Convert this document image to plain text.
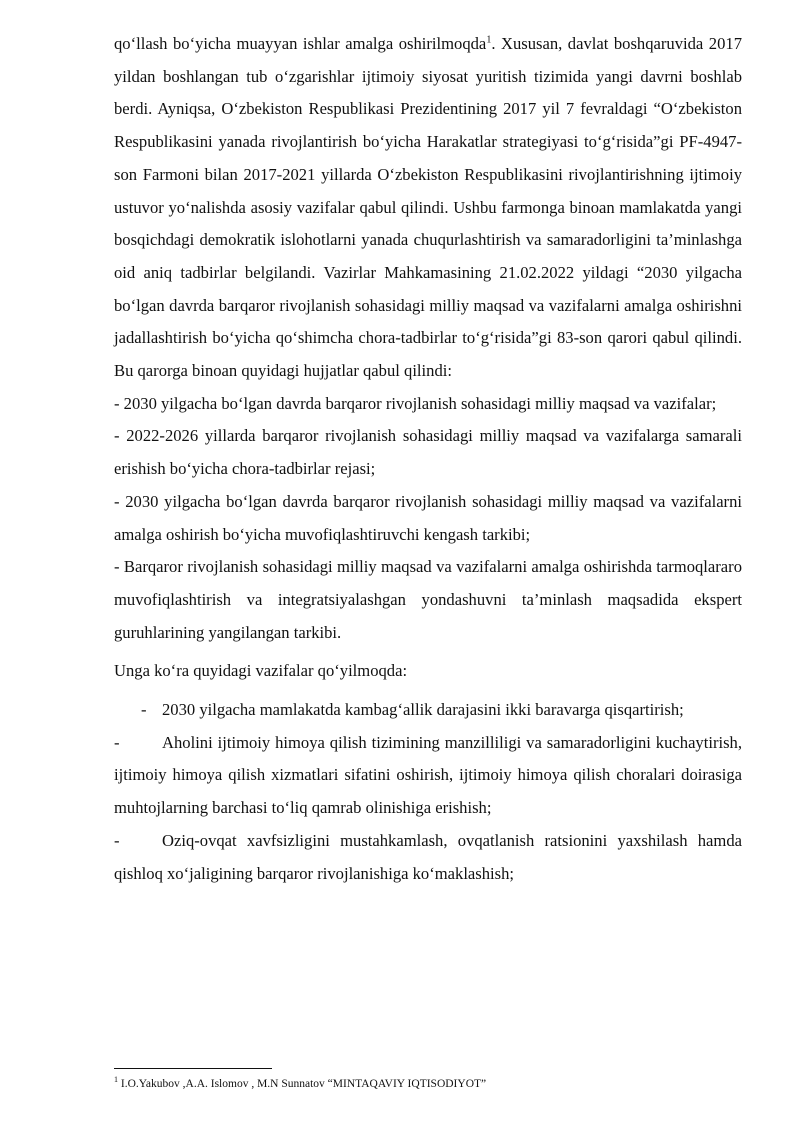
qo‘llash bo‘yicha muayyan ishlar amalga oshirilmoqda$^1$. Xususan, davlat boshqaruvida 2017 yildan boshlangan tub o‘zgarishlar ijtimoiy siyosat yuritish tizimida yangi davrni boshlab berdi. Ayniqsa, O‘zbekiston Respublikasi Prezidentining 2017 yil 7 fevraldagi “O‘zbekiston Respublikasini yanada rivojlantirish bo‘yicha Harakatlar strategiyasi to‘g‘risida”gi PF-4947-son Farmoni bilan 2017-2021 yillarda O‘zbekiston Respublikasini rivojlantirishning ijtimoiy ustuvor yo‘nalishda asosiy vazifalar qabul qilindi. Ushbu farmonga binoan mamlakatda yangi bosqichdagi demokratik islohotlarni yanada chuqurlashtirish va samaradorligini ta’minlashga oid aniq tadbirlar belgilandi. Vazirlar Mahkamasining 21.02.2022 yildagi “2030 yilgacha bo‘lgan davrda barqaror rivojlanish sohasidagi milliy maqsad va vazifalarni amalga oshirishni jadallashtirish bo‘yicha qo‘shimcha chora-tadbirlar to‘g‘risida”gi 83-son qarori qabul qilindi. Bu qarorga binoan quyidagi hujjatlar qabul qilindi:

- 2030 yilgacha bo‘lgan davrda barqaror rivojlanish sohasidagi milliy maqsad va vazifalar;

- 2022-2026 yillarda barqaror rivojlanish sohasidagi milliy maqsad va vazifalarga samarali erishish bo‘yicha chora-tadbirlar rejasi;

- 2030 yilgacha bo‘lgan davrda barqaror rivojlanish sohasidagi milliy maqsad va vazifalarni amalga oshirish bo‘yicha muvofiqlashtiruvchi kengash tarkibi;

- Barqaror rivojlanish sohasidagi milliy maqsad va vazifalarni amalga oshirishda tarmoqlararo muvofiqlashtirish va integratsiyalashgan yondashuvni ta’minlash maqsadida ekspert guruhlarining yangilangan tarkibi.

Unga ko‘ra quyidagi vazifalar qo‘yilmoqda:

- 2030 yilgacha mamlakatda kambag‘allik darajasini ikki baravarga qisqartirish;

-	Aholini ijtimoiy himoya qilish tizimining manzilliligi va samaradorligini kuchaytirish, ijtimoiy himoya qilish xizmatlari sifatini oshirish, ijtimoiy himoya qilish choralari doirasiga muhtojlarning barchasi to‘liq qamrab olinishiga erishish;

-	Oziq-ovqat xavfsizligini mustahkamlash, ovqatlanish ratsionini yaxshilash hamda qishloq xo‘jaligining barqaror rivojlanishiga ko‘maklashish;

$^1$ I.O.Yakubov ,A.A. Islomov , M.N Sunnatov “MINTAQAVIY IQTISODIYOT”
